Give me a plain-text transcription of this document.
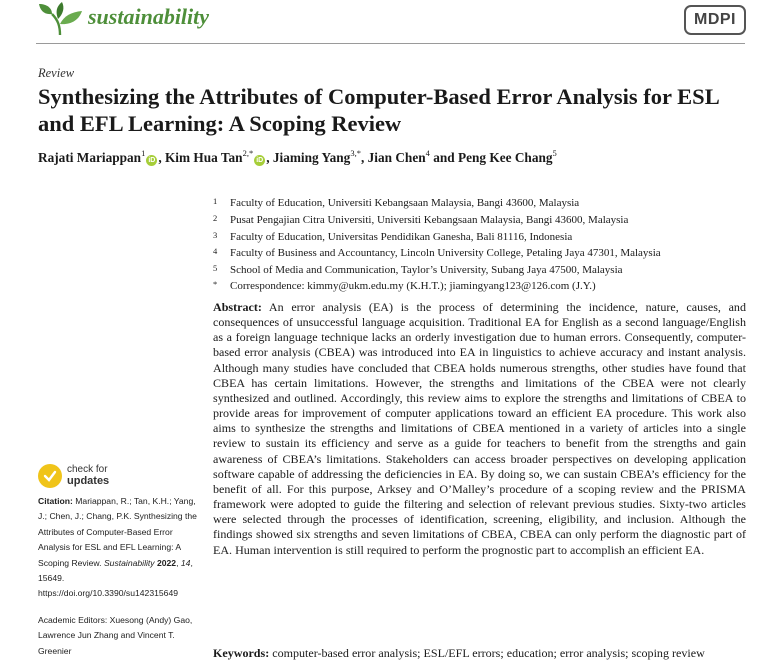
sustainability	MDPI
Review
Synthesizing the Attributes of Computer-Based Error Analysis for ESL and EFL Learning: A Scoping Review
Rajati Mariappan$^1$iD , Kim Hua Tan$^{2,*}$iD , Jiaming Yang$^{3,*}$, Jian Chen$^4$ and Peng Kee Chang$^5$
1 Faculty of Education, Universiti Kebangsaan Malaysia, Bangi 43600, Malaysia
2 Pusat Pengajian Citra Universiti, Universiti Kebangsaan Malaysia, Bangi 43600, Malaysia
3 Faculty of Education, Universitas Pendidikan Ganesha, Bali 81116, Indonesia
4 Faculty of Business and Accountancy, Lincoln University College, Petaling Jaya 47301, Malaysia
5 School of Media and Communication, Taylor’s University, Subang Jaya 47500, Malaysia
* Correspondence: kimmy@ukm.edu.my (K.H.T.); jiamingyang123@126.com (J.Y.)
Abstract: An error analysis (EA) is the process of determining the incidence, nature, causes, and consequences of unsuccessful language acquisition. Traditional EA for English as a second language/English as a foreign language technique lacks an orderly investigation due to human errors. Consequently, computer-based error analysis (CBEA) was introduced into EA in linguistics to achieve accuracy and instant analysis. Although many studies have concluded that CBEA holds numerous strengths, other studies have found that CBEA has certain limitations. However, the strengths and limitations of the CBEA were not clearly synthesized and outlined. Accordingly, this review aims to explore the strengths and limitations of CBEA to provide areas for improvement of computer applications toward an efficient EA procedure. This work also aims to synthesize the strengths and limitations of CBEA mentioned in a variety of articles into a single review to sustain its efficiency and serve as a guide for teachers to benefit from the strengths and gain awareness of CBEA’s limitations. Stakeholders can access broader perspectives on developing application software capable of addressing the deficiencies in EA. By doing so, we can sustain CBEA’s efficiency for the benefit of all. For this purpose, Arksey and O’Malley’s procedure of a scoping review and the PRISMA framework were adopted to guide the filtering and selection of relevant previous studies. Sixty-two articles were selected through the processes of identification, screening, eligibility, and inclusion. Although the findings showed six strengths and seven limitations of CBEA, CBEA can only perform the diagnostic part of EA. Human intervention is still required to perform the prognostic part to accomplish an efficient EA.
Keywords: computer-based error analysis; ESL/EFL errors; education; error analysis; scoping review
check for
updates
Citation: Mariappan, R.; Tan, K.H.; Yang, J.; Chen, J.; Chang, P.K. Synthesizing the Attributes of Computer-Based Error Analysis for ESL and EFL Learning: A Scoping Review. Sustainability 2022, 14, 15649. https://doi.org/10.3390/su142315649
Academic Editors: Xuesong (Andy) Gao, Lawrence Jun Zhang and Vincent T. Greenier
